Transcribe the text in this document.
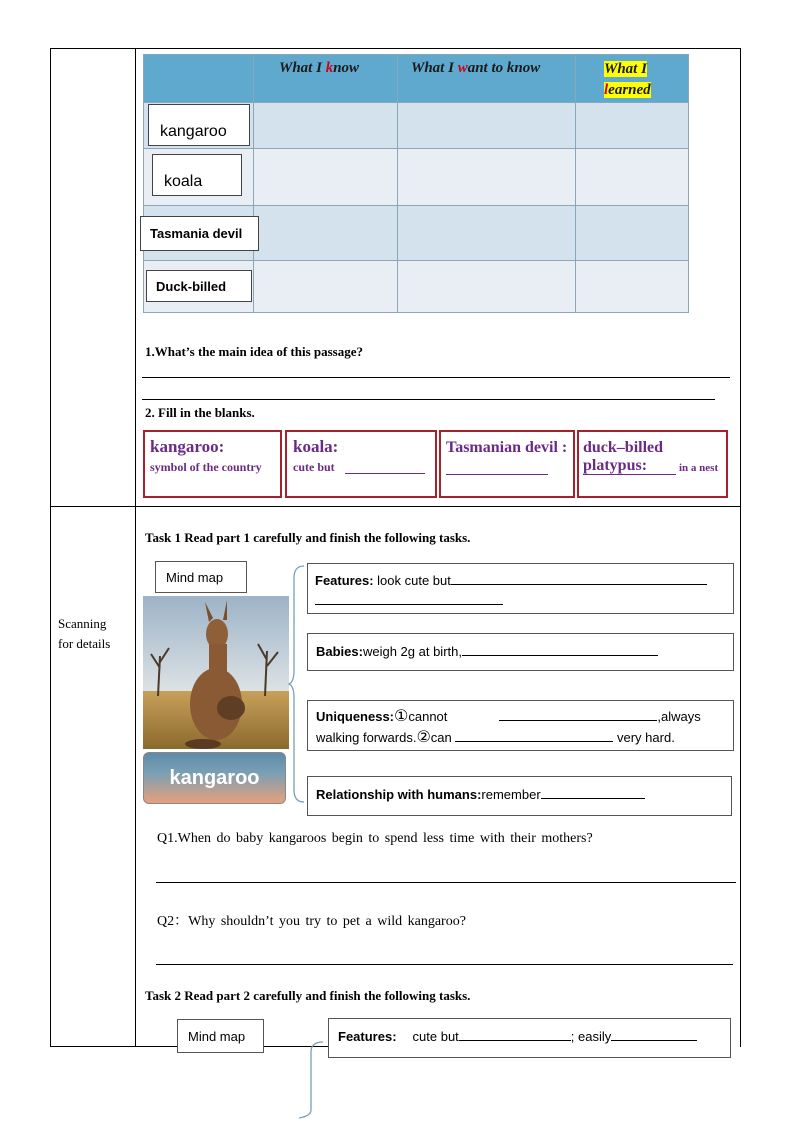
What I know	What I want to know	What I
learned
kangaroo
koala
Tasmania devil
Duck-billed
1.What’s the main idea of this passage?
2. Fill in the blanks.
kangaroo:
symbol of the country
koala:
cute but
Tasmanian devil : duck–billed platypus:	in a nest
Scanning
for details
Task 1 Read part 1 carefully and finish the following tasks.
Mind map
kangaroo
Features: look cute but

Babies:weigh 2g at birth,
Uniqueness:①cannot	,always
walking forwards.②can	very hard.
Relationship with humans:remember
Q1.When do baby kangaroos begin to spend less time with their mothers?
Q2：Why shouldn’t you try to pet a wild kangaroo?
Task 2 Read part 2 carefully and finish the following tasks.
Mind map	Features: cute but	; easily
